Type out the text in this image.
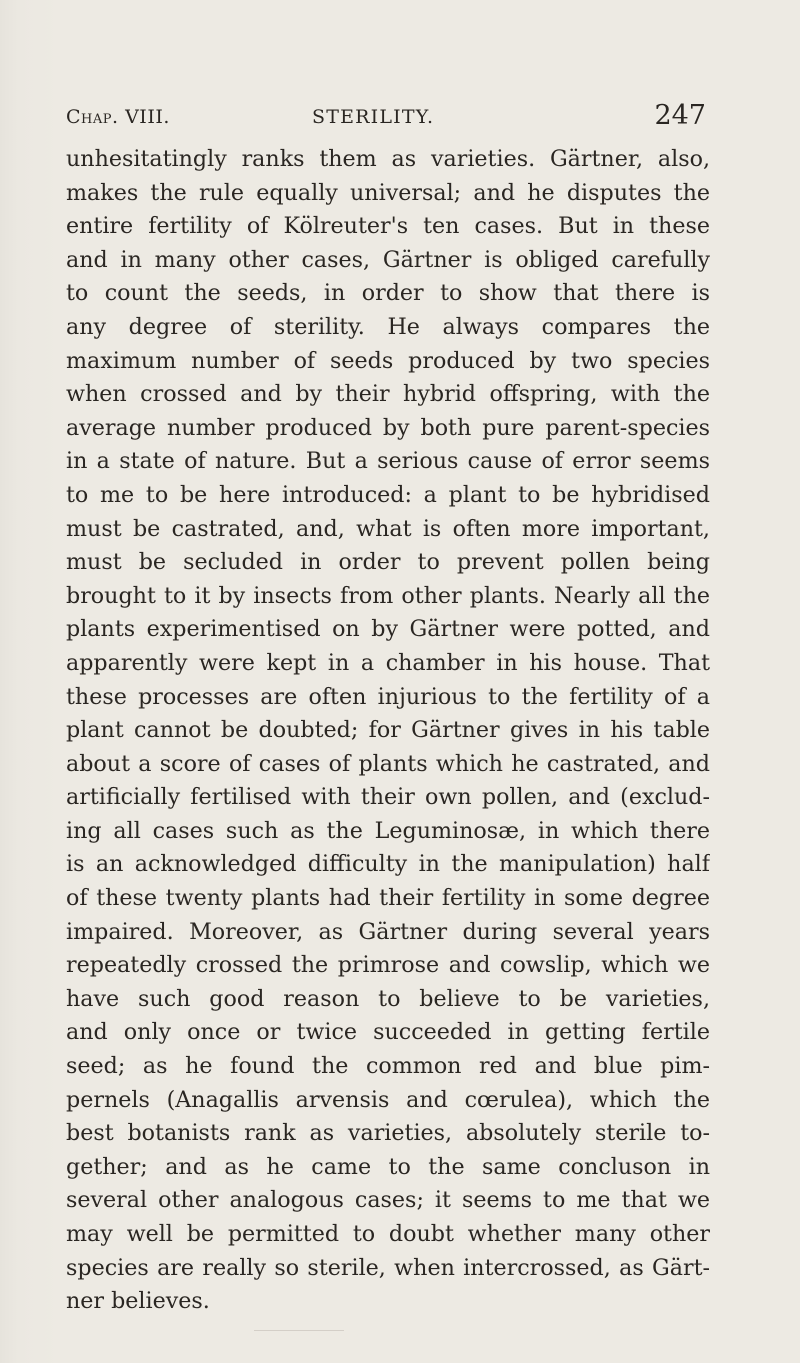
Chap. VIII.	STERILITY.	247
unhesitatingly ranks them as varieties. Gärtner, also,
makes the rule equally universal; and he disputes the
entire fertility of Kölreuter's ten cases. But in these
and in many other cases, Gärtner is obliged carefully
to count the seeds, in order to show that there is
any degree of sterility. He always compares the
maximum number of seeds produced by two species
when crossed and by their hybrid offspring, with the
average number produced by both pure parent-species
in a state of nature. But a serious cause of error seems
to me to be here introduced: a plant to be hybridised
must be castrated, and, what is often more important,
must be secluded in order to prevent pollen being
brought to it by insects from other plants. Nearly all the
plants experimentised on by Gärtner were potted, and
apparently were kept in a chamber in his house. That
these processes are often injurious to the fertility of a
plant cannot be doubted; for Gärtner gives in his table
about a score of cases of plants which he castrated, and
artificially fertilised with their own pollen, and (exclud-
ing all cases such as the Leguminosæ, in which there
is an acknowledged difficulty in the manipulation) half
of these twenty plants had their fertility in some degree
impaired. Moreover, as Gärtner during several years
repeatedly crossed the primrose and cowslip, which we
have such good reason to believe to be varieties,
and only once or twice succeeded in getting fertile
seed; as he found the common red and blue pim-
pernels (Anagallis arvensis and cœrulea), which the
best botanists rank as varieties, absolutely sterile to-
gether; and as he came to the same concluson in
several other analogous cases; it seems to me that we
may well be permitted to doubt whether many other
species are really so sterile, when intercrossed, as Gärt-
ner believes.
